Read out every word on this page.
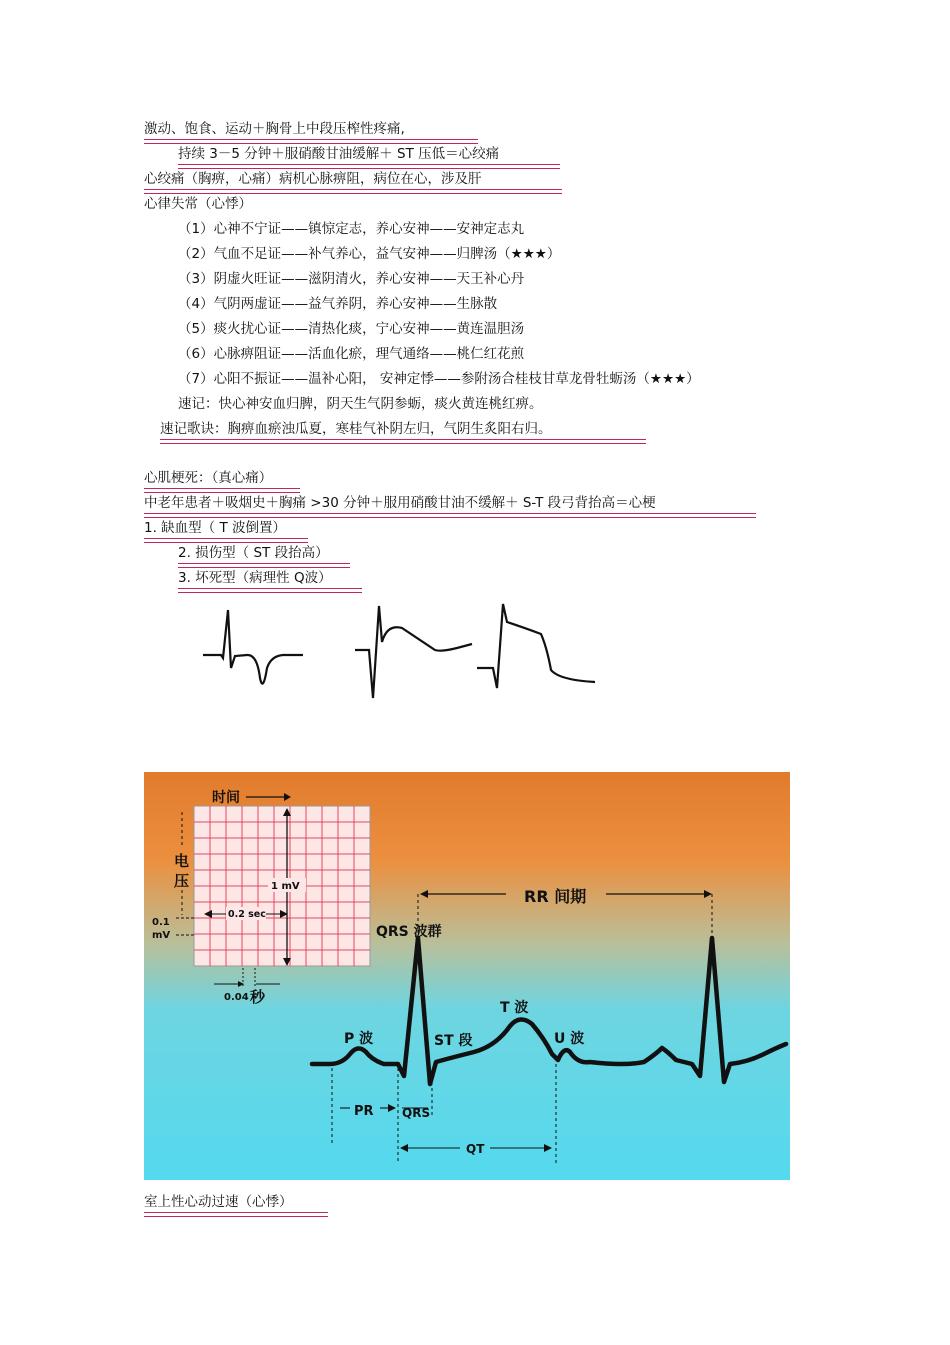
激动、饱食、运动＋胸骨上中段压榨性疼痛,
持续 3－5 分钟＋服硝酸甘油缓解＋ ST 压低＝心绞痛
心绞痛（胸痹，心痛）病机心脉痹阻，病位在心，涉及肝
心律失常（心悸）
（1）心神不宁证——镇惊定志，养心安神——安神定志丸
（2）气血不足证——补气养心，益气安神——归脾汤（★★★）
（3）阴虚火旺证——滋阴清火，养心安神——天王补心丹
（4）气阴两虚证——益气养阴，养心安神——生脉散
（5）痰火扰心证——清热化痰，宁心安神——黄连温胆汤
（6）心脉痹阻证——活血化瘀，理气通络——桃仁红花煎
（7）心阳不振证——温补心阳， 安神定悸——参附汤合桂枝甘草龙骨牡蛎汤（★★★）
速记：快心神安血归脾，阴天生气阴参蛎，痰火黄连桃红痹。
速记歌诀：胸痹血瘀浊瓜夏，寒桂气补阴左归，气阴生炙阳右归。
心肌梗死：（真心痛）
中老年患者＋吸烟史＋胸痛 >30 分钟＋服用硝酸甘油不缓解＋ S-T 段弓背抬高＝心梗
1. 缺血型（ T 波倒置）
2. 损伤型（ ST 段抬高）
3. 坏死型（病理性 Q波）
时间
电
压
0.1
mV
1 mV
0.2 sec
0.04 秒
RR 间期
QRS 波群
T 波
P 波	ST 段	U 波
PR QRS
QT
室上性心动过速（心悸）
